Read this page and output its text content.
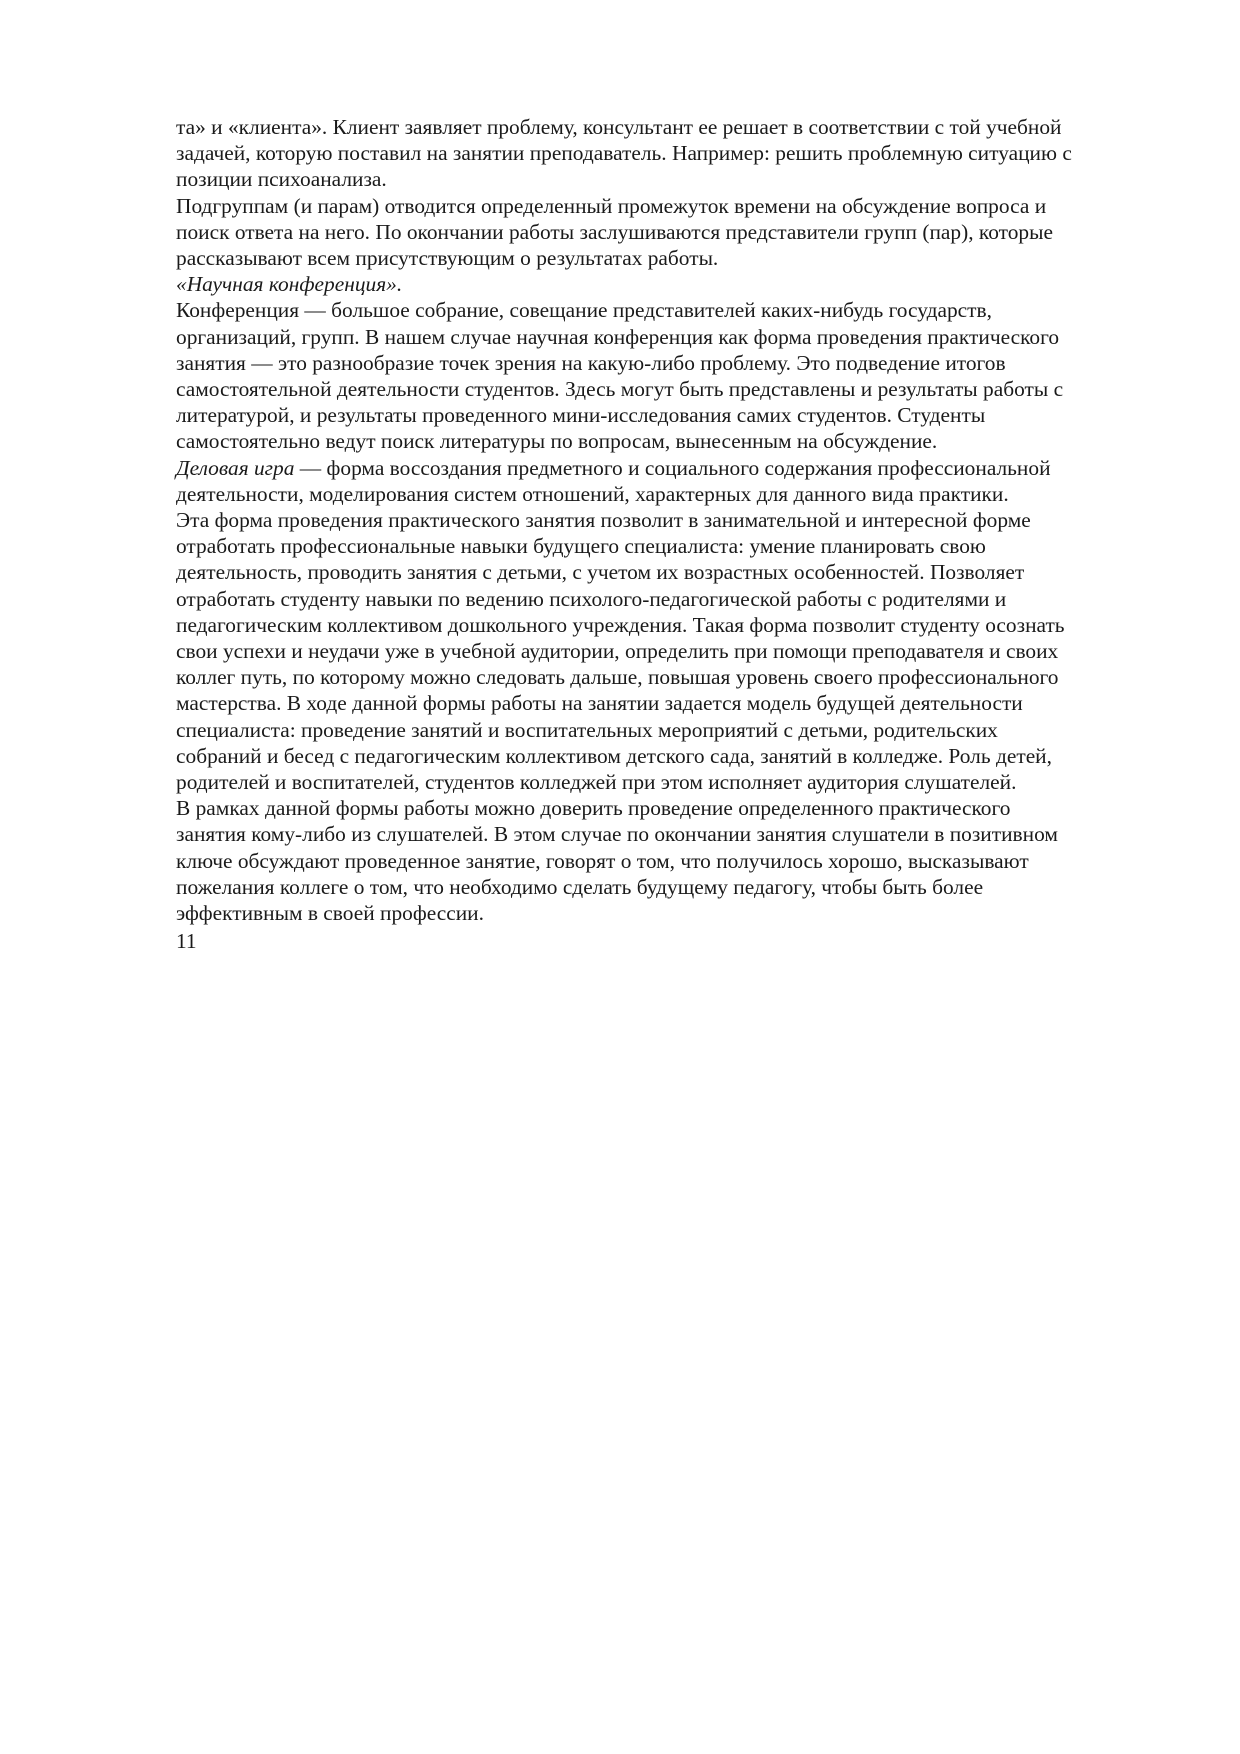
та» и «клиента». Клиент заявляет проблему, консультант ее решает в соответствии с той учебной
задачей, которую поставил на занятии преподаватель. Например: решить проблемную ситуацию с
позиции психоанализа.
Подгруппам (и парам) отводится определенный промежуток времени на обсуждение вопроса и
поиск ответа на него. По окончании работы заслушиваются представители групп (пар), которые
рассказывают всем присутствующим о результатах работы.
«Научная конференция».
Конференция — большое собрание, совещание представителей каких-нибудь государств,
организаций, групп. В нашем случае научная конференция как форма проведения практического
занятия — это разнообразие точек зрения на какую-либо проблему. Это подведение итогов
самостоятельной деятельности студентов. Здесь могут быть представлены и результаты работы с
литературой, и результаты проведенного мини-исследования самих студентов. Студенты
самостоятельно ведут поиск литературы по вопросам, вынесенным на обсуждение.
Деловая игра — форма воссоздания предметного и социального содержания профессиональной
деятельности, моделирования систем отношений, характерных для данного вида практики.
Эта форма проведения практического занятия позволит в занимательной и интересной форме
отработать профессиональные навыки будущего специалиста: умение планировать свою
деятельность, проводить занятия с детьми, с учетом их возрастных особенностей. Позволяет
отработать студенту навыки по ведению психолого-педагогической работы с родителями и
педагогическим коллективом дошкольного учреждения. Такая форма позволит студенту осознать
свои успехи и неудачи уже в учебной аудитории, определить при помощи преподавателя и своих
коллег путь, по которому можно следовать дальше, повышая уровень своего профессионального
мастерства. В ходе данной формы работы на занятии задается модель будущей деятельности
специалиста: проведение занятий и воспитательных мероприятий с детьми, родительских
собраний и бесед с педагогическим коллективом детского сада, занятий в колледже. Роль детей,
родителей и воспитателей, студентов колледжей при этом исполняет аудитория слушателей.
В рамках данной формы работы можно доверить проведение определенного практического
занятия кому-либо из слушателей. В этом случае по окончании занятия слушатели в позитивном
ключе обсуждают проведенное занятие, говорят о том, что получилось хорошо, высказывают
пожелания коллеге о том, что необходимо сделать будущему педагогу, чтобы быть более
эффективным в своей профессии.
11
